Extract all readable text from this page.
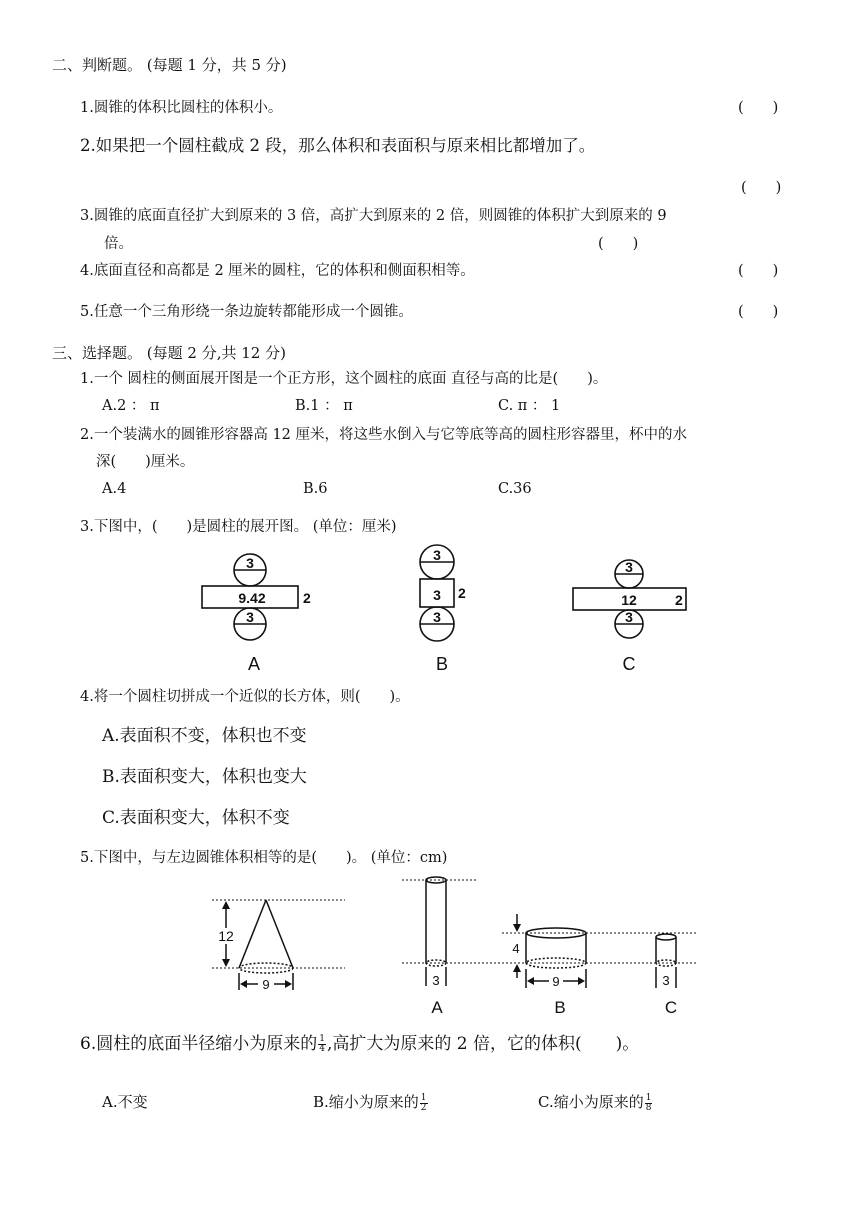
二、判断题。 (每题 1 分，共 5 分)
1.圆锥的体积比圆柱的体积小。	(　　)
2.如果把一个圆柱截成 2 段，那么体积和表面积与原来相比都增加了。
(　　)
3.圆锥的底面直径扩大到原来的 3 倍，高扩大到原来的 2 倍，则圆锥的体积扩大到原来的 9
倍。	(　　)
4.底面直径和高都是 2 厘米的圆柱，它的体积和侧面积相等。	(　　)
5.任意一个三角形绕一条边旋转都能形成一个圆锥。	(　　)
三、选择题。 (每题 2 分,共 12 分)
1.一个 圆柱的侧面展开图是一个正方形，这个圆柱的底面 直径与高的比是(　　)。
A.2 ： π	B.1 ： π	C. π ： 1
2.一个装满水的圆锥形容器高 12 厘米，将这些水倒入与它等底等高的圆柱形容器里，杯中的水
深(　　)厘米。
A.4	B.6	C.36
3.下图中，(　　)是圆柱的展开图。 (单位：厘米)
3
9.42	2
3
3
3 2
3
3
12	2
3
A	B	C
4.将一个圆柱切拼成一个近似的长方体，则(　　)。
A.表面积不变，体积也不变
B.表面积变大，体积也变大
C.表面积变大，体积不变
5.下图中，与左边圆锥体积相等的是(　　)。 (单位：cm)
12
9	3
4
9	3
A	B	C
6.圆柱的底面半径缩小为原来的 $\frac{1}{4}$ ,高扩大为原来的 2 倍，它的体积(　　)。
A.不变	B.缩小为原来的 $\frac{1}{2}$	C.缩小为原来的 $\frac{1}{8}$
